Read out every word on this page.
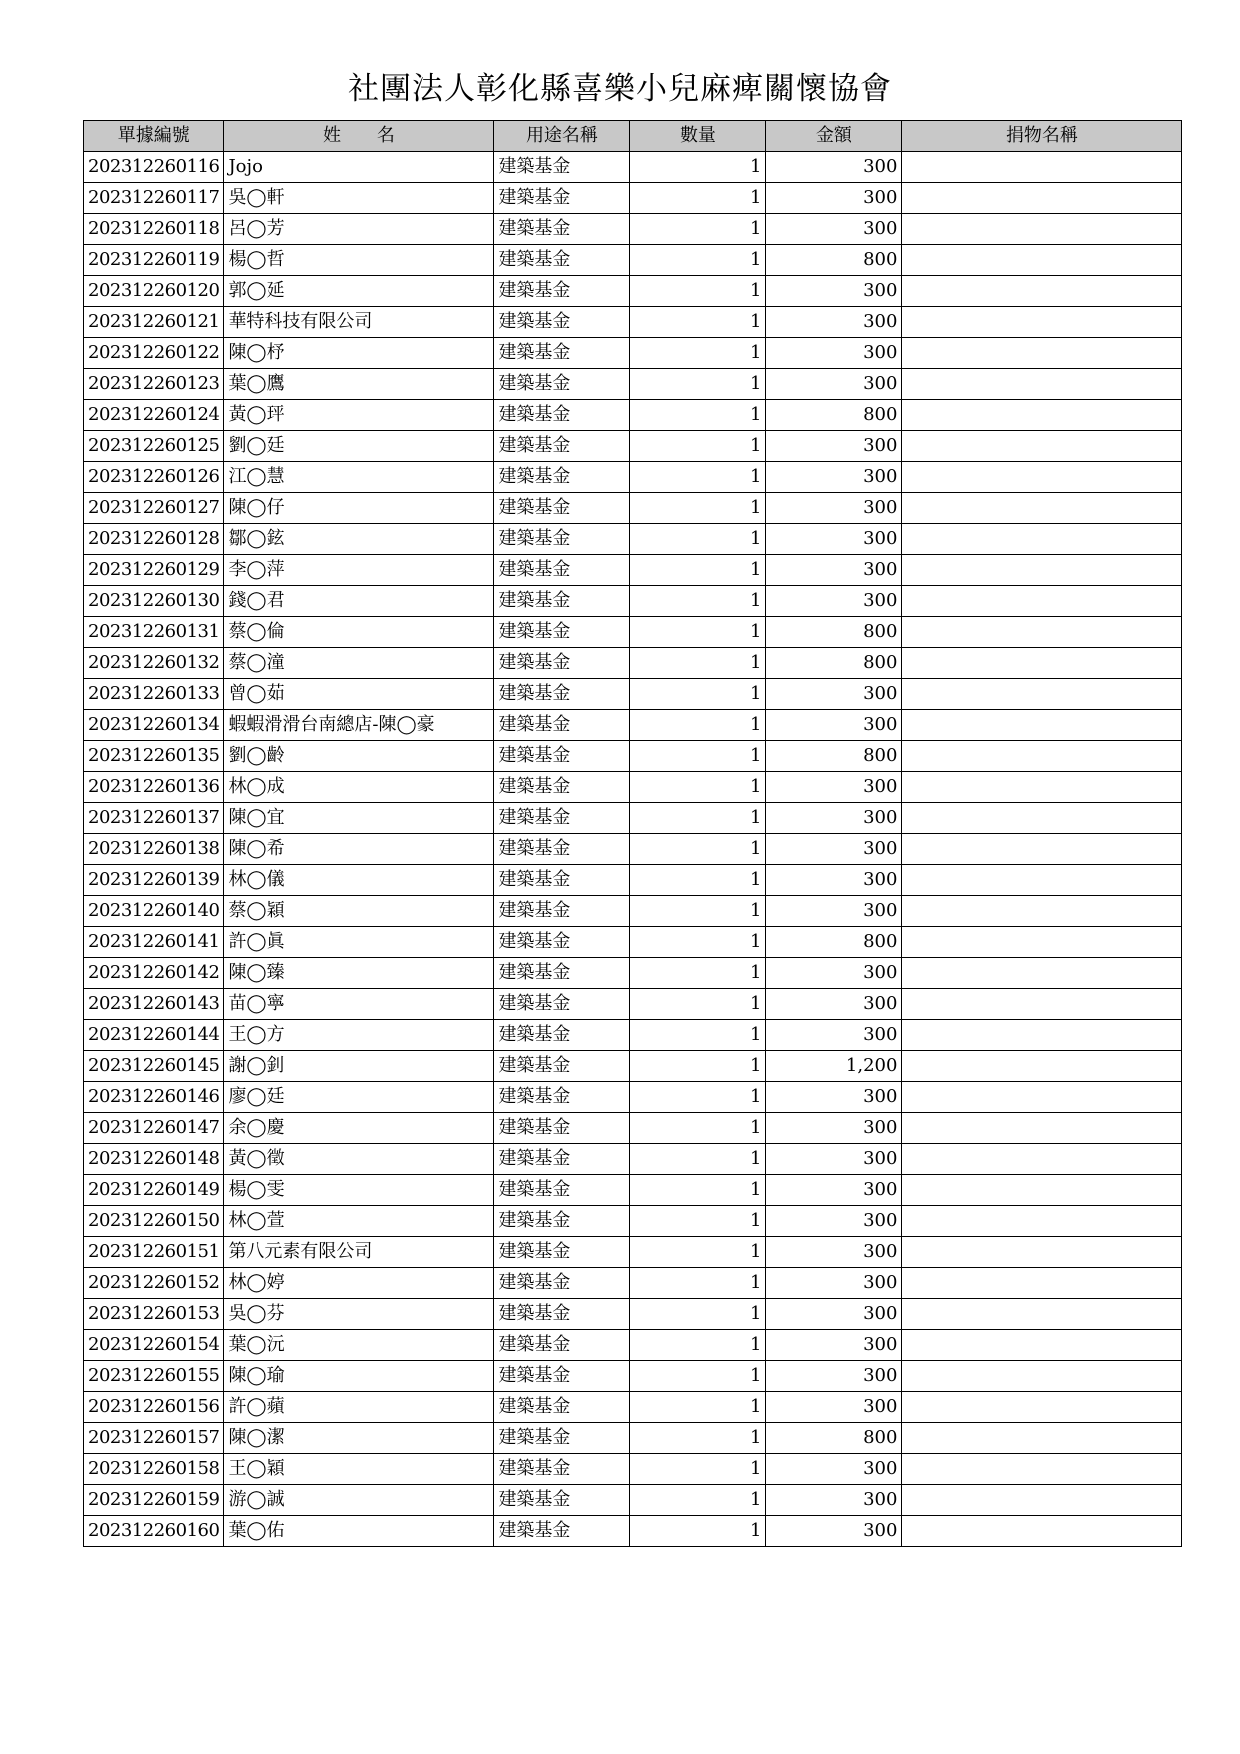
社團法人彰化縣喜樂小兒麻痺關懷協會
單據編號	姓　　名	用途名稱	數量	金額	捐物名稱
202312260116	Jojo	建築基金	1	300	
202312260117	吳◯軒	建築基金	1	300	
202312260118	呂◯芳	建築基金	1	300	
202312260119	楊◯哲	建築基金	1	800	
202312260120	郭◯延	建築基金	1	300	
202312260121	華特科技有限公司	建築基金	1	300	
202312260122	陳◯杼	建築基金	1	300	
202312260123	葉◯鷹	建築基金	1	300	
202312260124	黃◯玶	建築基金	1	800	
202312260125	劉◯廷	建築基金	1	300	
202312260126	江◯慧	建築基金	1	300	
202312260127	陳◯仔	建築基金	1	300	
202312260128	鄒◯鉉	建築基金	1	300	
202312260129	李◯萍	建築基金	1	300	
202312260130	錢◯君	建築基金	1	300	
202312260131	蔡◯倫	建築基金	1	800	
202312260132	蔡◯潼	建築基金	1	800	
202312260133	曾◯茹	建築基金	1	300	
202312260134	蝦蝦滑滑台南總店-陳◯豪	建築基金	1	300	
202312260135	劉◯齡	建築基金	1	800	
202312260136	林◯成	建築基金	1	300	
202312260137	陳◯宜	建築基金	1	300	
202312260138	陳◯希	建築基金	1	300	
202312260139	林◯儀	建築基金	1	300	
202312260140	蔡◯穎	建築基金	1	300	
202312260141	許◯眞	建築基金	1	800	
202312260142	陳◯臻	建築基金	1	300	
202312260143	苗◯寧	建築基金	1	300	
202312260144	王◯方	建築基金	1	300	
202312260145	謝◯釗	建築基金	1	1,200	
202312260146	廖◯廷	建築基金	1	300	
202312260147	余◯慶	建築基金	1	300	
202312260148	黃◯徵	建築基金	1	300	
202312260149	楊◯雯	建築基金	1	300	
202312260150	林◯萱	建築基金	1	300	
202312260151	第八元素有限公司	建築基金	1	300	
202312260152	林◯婷	建築基金	1	300	
202312260153	吳◯芬	建築基金	1	300	
202312260154	葉◯沅	建築基金	1	300	
202312260155	陳◯瑜	建築基金	1	300	
202312260156	許◯蘋	建築基金	1	300	
202312260157	陳◯潔	建築基金	1	800	
202312260158	王◯穎	建築基金	1	300	
202312260159	游◯誠	建築基金	1	300	
202312260160	葉◯佑	建築基金	1	300	
